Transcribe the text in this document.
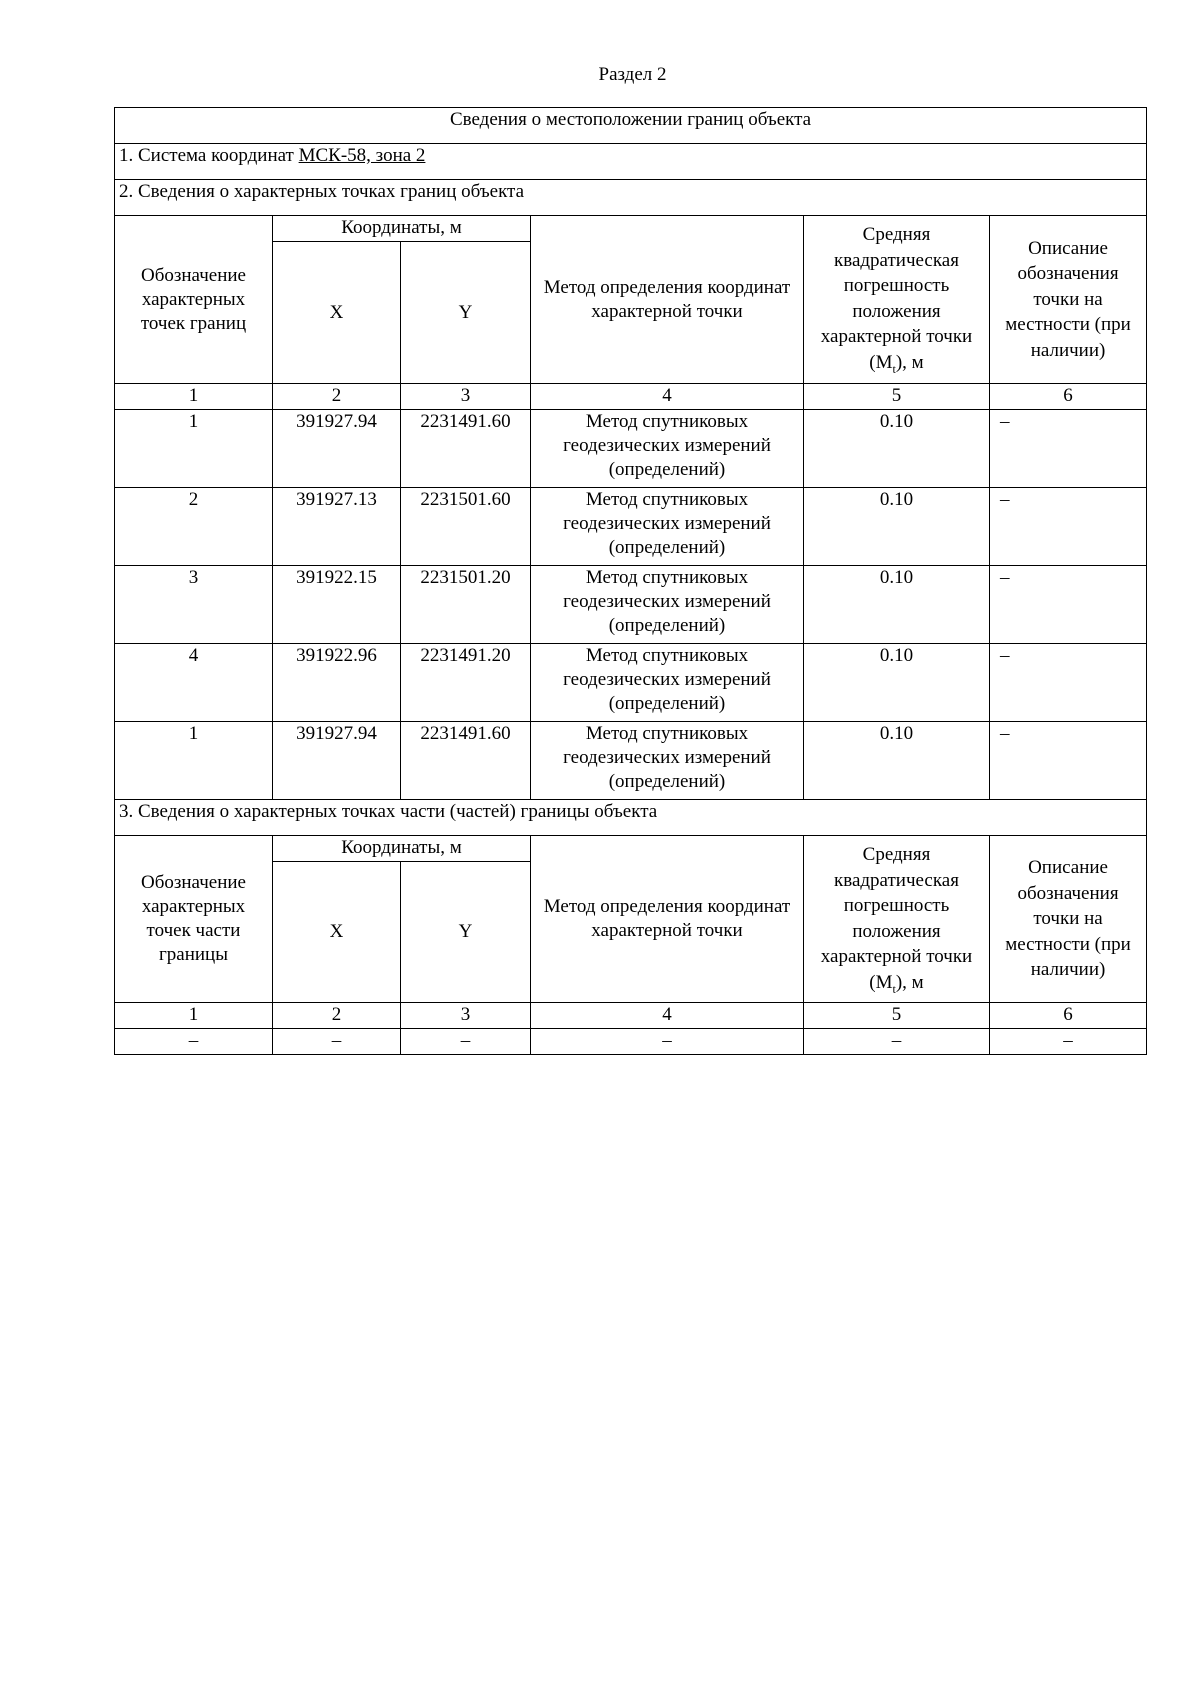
Раздел 2
Сведения о местоположении границ объекта					
1. Система координат МСК-58, зона 2					
2. Сведения о характерных точках границ объекта					
Обозначение характерных точек границ	Координаты, м		Метод определения координат характерной точки	Средняя квадратическая погрешность положения характерной точки $(M_t)$, м	Описание обозначения точки на местности (при наличии)
	X	Y			
1	2	3	4	5	6
1	391927.94	2231491.60	Метод спутниковых геодезических измерений (определений)	0.10	–
2	391927.13	2231501.60	Метод спутниковых геодезических измерений (определений)	0.10	–
3	391922.15	2231501.20	Метод спутниковых геодезических измерений (определений)	0.10	–
4	391922.96	2231491.20	Метод спутниковых геодезических измерений (определений)	0.10	–
1	391927.94	2231491.60	Метод спутниковых геодезических измерений (определений)	0.10	–
3. Сведения о характерных точках части (частей) границы объекта					
Обозначение характерных точек части границы	Координаты, м		Метод определения координат характерной точки	Средняя квадратическая погрешность положения характерной точки $(M_t)$, м	Описание обозначения точки на местности (при наличии)
	X	Y			
1	2	3	4	5	6
–	–	–	–	–	–
